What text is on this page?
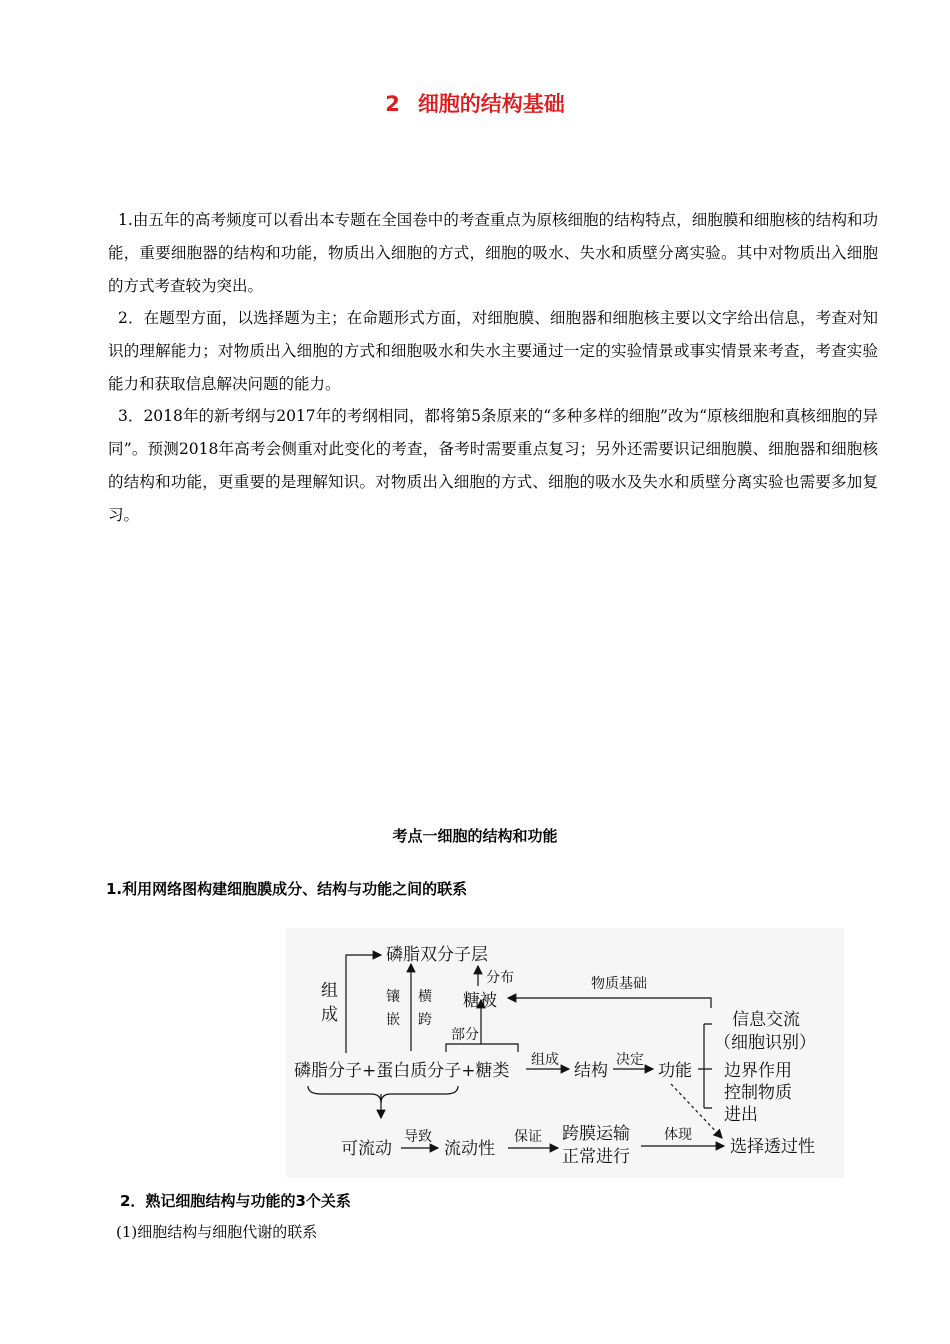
2 细胞的结构基础

1.由五年的高考频度可以看出本专题在全国卷中的考查重点为原核细胞的结构特点，细胞膜和细胞核的结构和功能，重要细胞器的结构和功能，物质出入细胞的方式，细胞的吸水、失水和质壁分离实验。其中对物质出入细胞的方式考查较为突出。

2．在题型方面，以选择题为主；在命题形式方面，对细胞膜、细胞器和细胞核主要以文字给出信息，考查对知识的理解能力；对物质出入细胞的方式和细胞吸水和失水主要通过一定的实验情景或事实情景来考查，考查实验能力和获取信息解决问题的能力。

3．2018年的新考纲与2017年的考纲相同，都将第5条原来的“多种多样的细胞”改为“原核细胞和真核细胞的异同”。预测2018年高考会侧重对此变化的考查，备考时需要重点复习；另外还需要识记细胞膜、细胞器和细胞核的结构和功能，更重要的是理解知识。对物质出入细胞的方式、细胞的吸水及失水和质壁分离实验也需要多加复习。

考点一细胞的结构和功能
1.利用网络图构建细胞膜成分、结构与功能之间的联系
磷脂双分子层
糖被
组
成
磷脂分子+蛋白质分子+糖类	结构	功能
信息交流
（细胞识别）
边界作用
控制物质
进出
可流动	流动性
跨膜运输
正常进行	选择透过性
分布	物质基础
镶
嵌
横
跨
部分
组成	决定
导致	保证	体现
2．熟记细胞结构与功能的3个关系
(1)细胞结构与细胞代谢的联系
